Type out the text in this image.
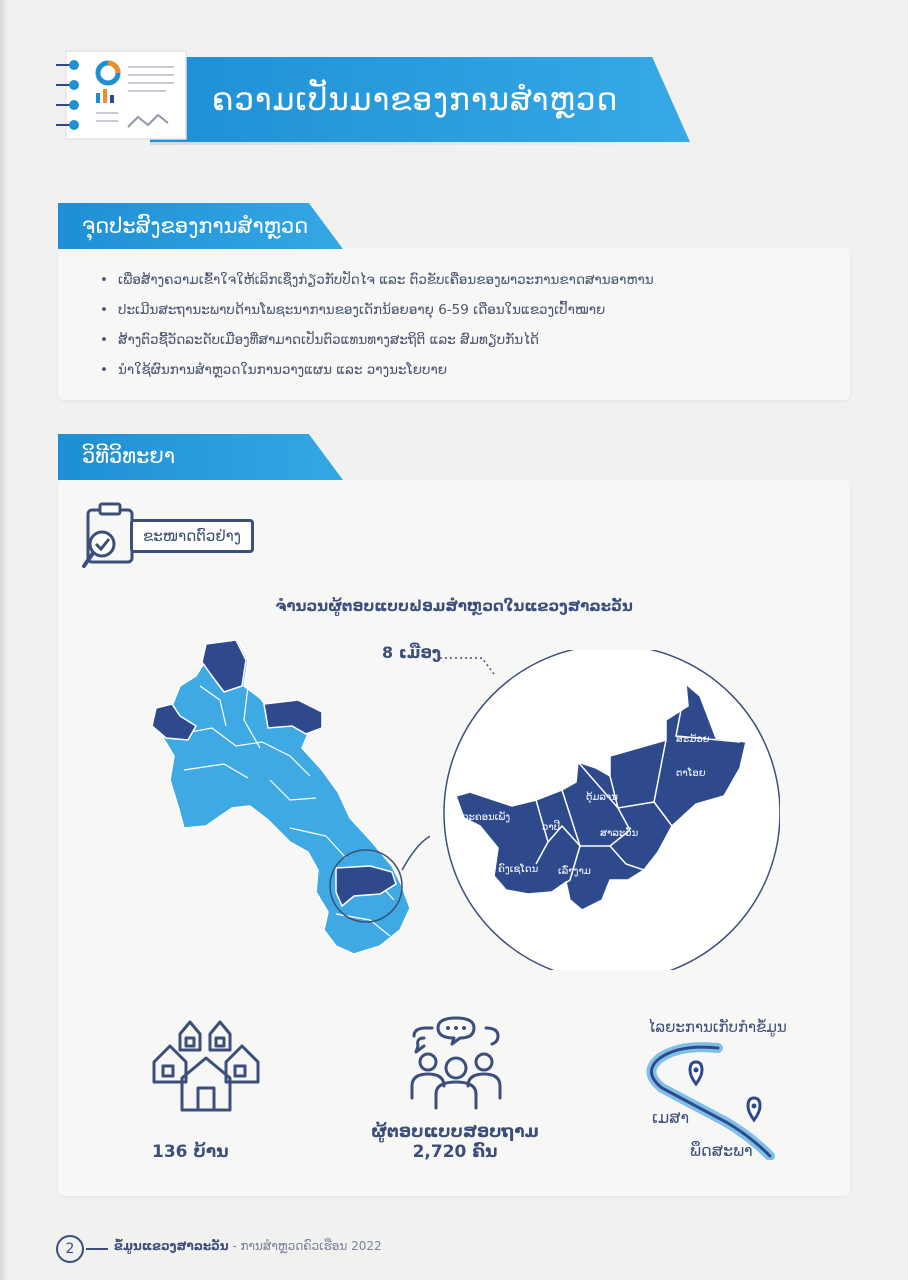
ຄວາມເປັນມາຂອງການສຳຫຼວດ
ຈຸດປະສົງຂອງການສຳຫຼວດ
• ເພື່ອສ້າງຄວາມເຂົ້າໃຈໃຫ້ເລິກເຊິ່ງກ່ຽວກັບປັດໄຈ ແລະ ຕົວຂັບເຄື່ອນຂອງພາວະການຂາດສານອາຫານ
• ປະເມີນສະຖານະພາບດ້ານໂພຊະນາການຂອງເດັກນ້ອຍອາຍຸ 6-59 ເດືອນໃນແຂວງເປົ້າໝາຍ
• ສ້າງຕົວຊີ້ວັດລະດັບເມືອງທີ່ສາມາດເປັນຕົວແທນທາງສະຖິຕິ ແລະ ສົມທຽບກັນໄດ້
• ນຳໃຊ້ຜົນການສຳຫຼວດໃນການວາງແຜນ ແລະ ວາງນະໂຍບາຍ
ວິທີວິທະຍາ
ຂະໜາດຕົວຢ່າງ
ຈຳນວນຜູ້ຕອບແບບຟອມສຳຫຼວດໃນແຂວງສາລະວັນ
8 ເມືອງ
ສະມ້ວຍ
ຕາໂອຍ
ຕຸ້ມລານ
ລະຄອນເພັງ
ວາປີ
ສາລະວັນ
ຄົງເຊໂດນ ເລົ່າງາມ
136 ບ້ານ
ຜູ້ຕອບແບບສອບຖາມ
2,720 ຄົນ
ໄລຍະການເກັບກຳຂໍ້ມູນ
ເມສາ
ພຶດສະພາ
2	ຂໍ້ມູນແຂວງສາລະວັນ - ການສຳຫຼວດຄົວເຮືອນ 2022
